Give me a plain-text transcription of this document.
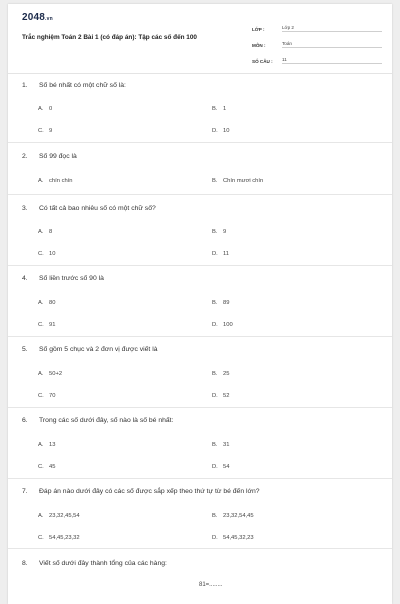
2048.vn
Trắc nghiệm Toán 2 Bài 1 (có đáp án): Tập các số đến 100
LỚP :	Lớp 2
MÔN :	Toán
SỐ CÂU :	11
1. Số bé nhất có một chữ số là:
A. 0	B. 1
C. 9	D. 10
2. Số 99 đọc là
A. chín chín	B. Chín mươi chín
3. Có tất cả bao nhiêu số có một chữ số?
A. 8	B. 9
C. 10	D. 11
4. Số liền trước số 90 là
A. 80	B. 89
C. 91	D. 100
5. Số gồm 5 chục và 2 đơn vị được viết là
A. 50+2	B. 25
C. 70	D. 52
6. Trong các số dưới đây, số nào là số bé nhất:
A. 13	B. 31
C. 45	D. 54
7. Đáp án nào dưới đây có các số được sắp xếp theo thứ tự từ bé đến lớn?
A. 23,32,45,54	B. 23,32,54,45
C. 54,45,23,32	D. 54,45,32,23
8. Viết số dưới đây thành tổng của các hàng:
81=........
